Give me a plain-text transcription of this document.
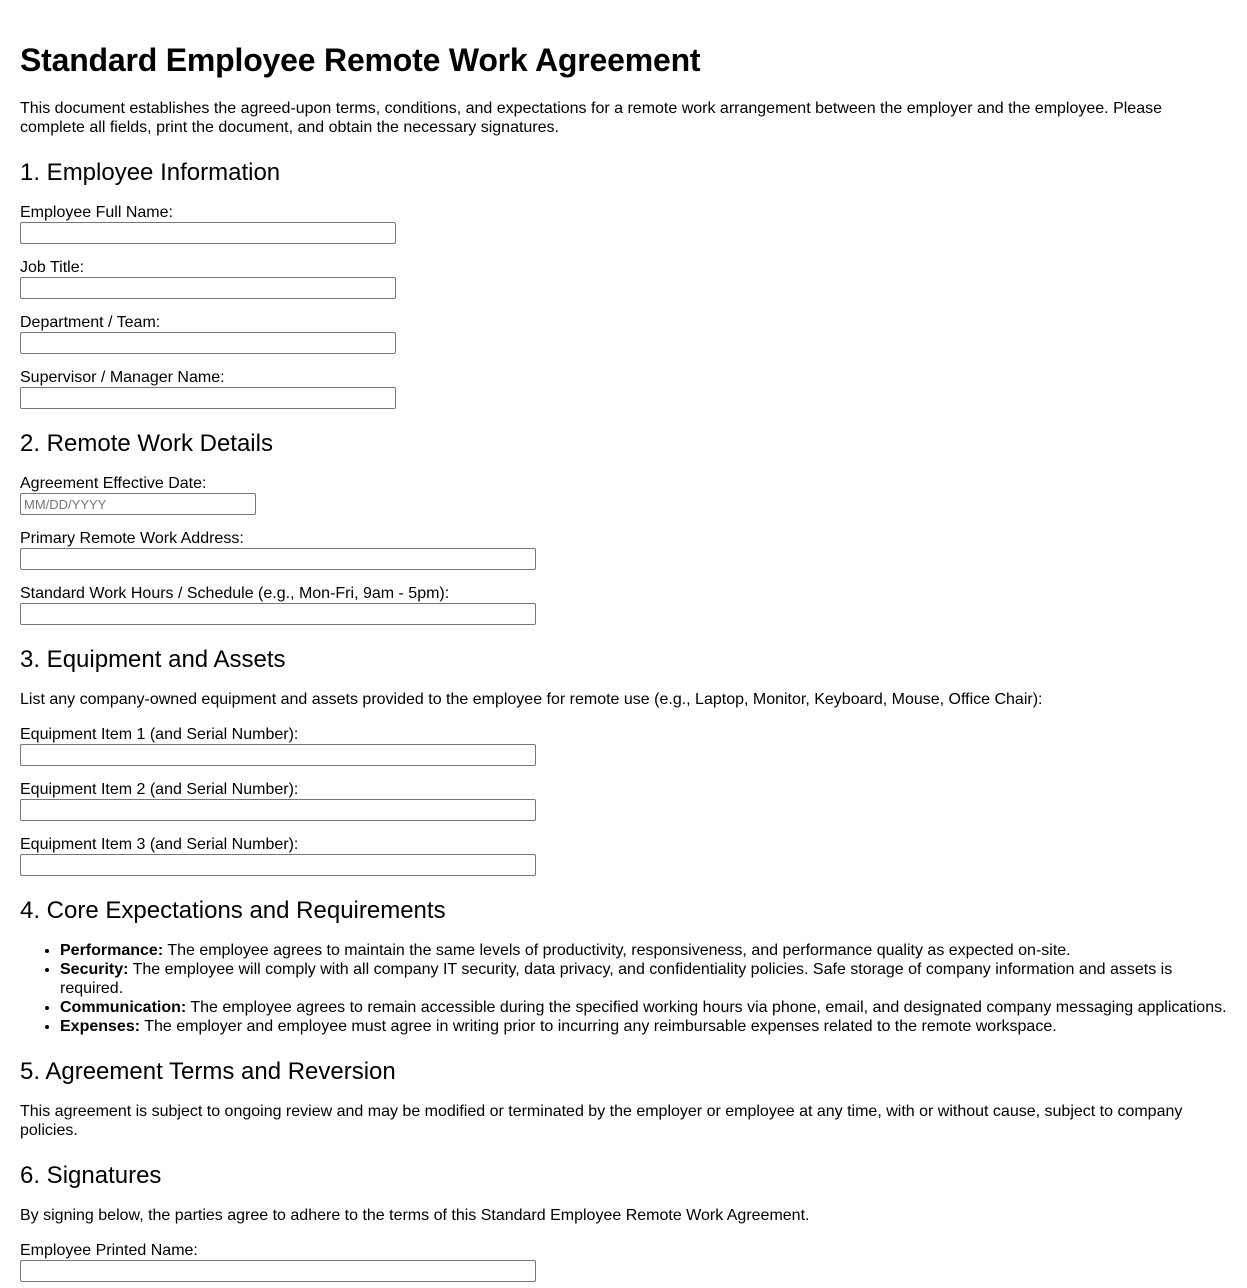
Standard Employee Remote Work Agreement

This document establishes the agreed-upon terms, conditions, and expectations for a remote work arrangement between the employer and the employee. Please complete all fields, print the document, and obtain the necessary signatures.

1. Employee Information
Employee Full Name:
Job Title:
Department / Team:
Supervisor / Manager Name:
2. Remote Work Details
Agreement Effective Date:
MM/DD/YYYY
Primary Remote Work Address:
Standard Work Hours / Schedule (e.g., Mon-Fri, 9am - 5pm):
3. Equipment and Assets

List any company-owned equipment and assets provided to the employee for remote use (e.g., Laptop, Monitor, Keyboard, Mouse, Office Chair):

Equipment Item 1 (and Serial Number):
Equipment Item 2 (and Serial Number):
Equipment Item 3 (and Serial Number):
4. Core Expectations and Requirements
• Performance: The employee agrees to maintain the same levels of productivity, responsiveness, and performance quality as expected on-site.
• Security: The employee will comply with all company IT security, data privacy, and confidentiality policies. Safe storage of company information and assets is required.
• Communication: The employee agrees to remain accessible during the specified working hours via phone, email, and designated company messaging applications.
• Expenses: The employer and employee must agree in writing prior to incurring any reimbursable expenses related to the remote workspace.
5. Agreement Terms and Reversion

This agreement is subject to ongoing review and may be modified or terminated by the employer or employee at any time, with or without cause, subject to company policies.

6. Signatures

By signing below, the parties agree to adhere to the terms of this Standard Employee Remote Work Agreement.

Employee Printed Name:
